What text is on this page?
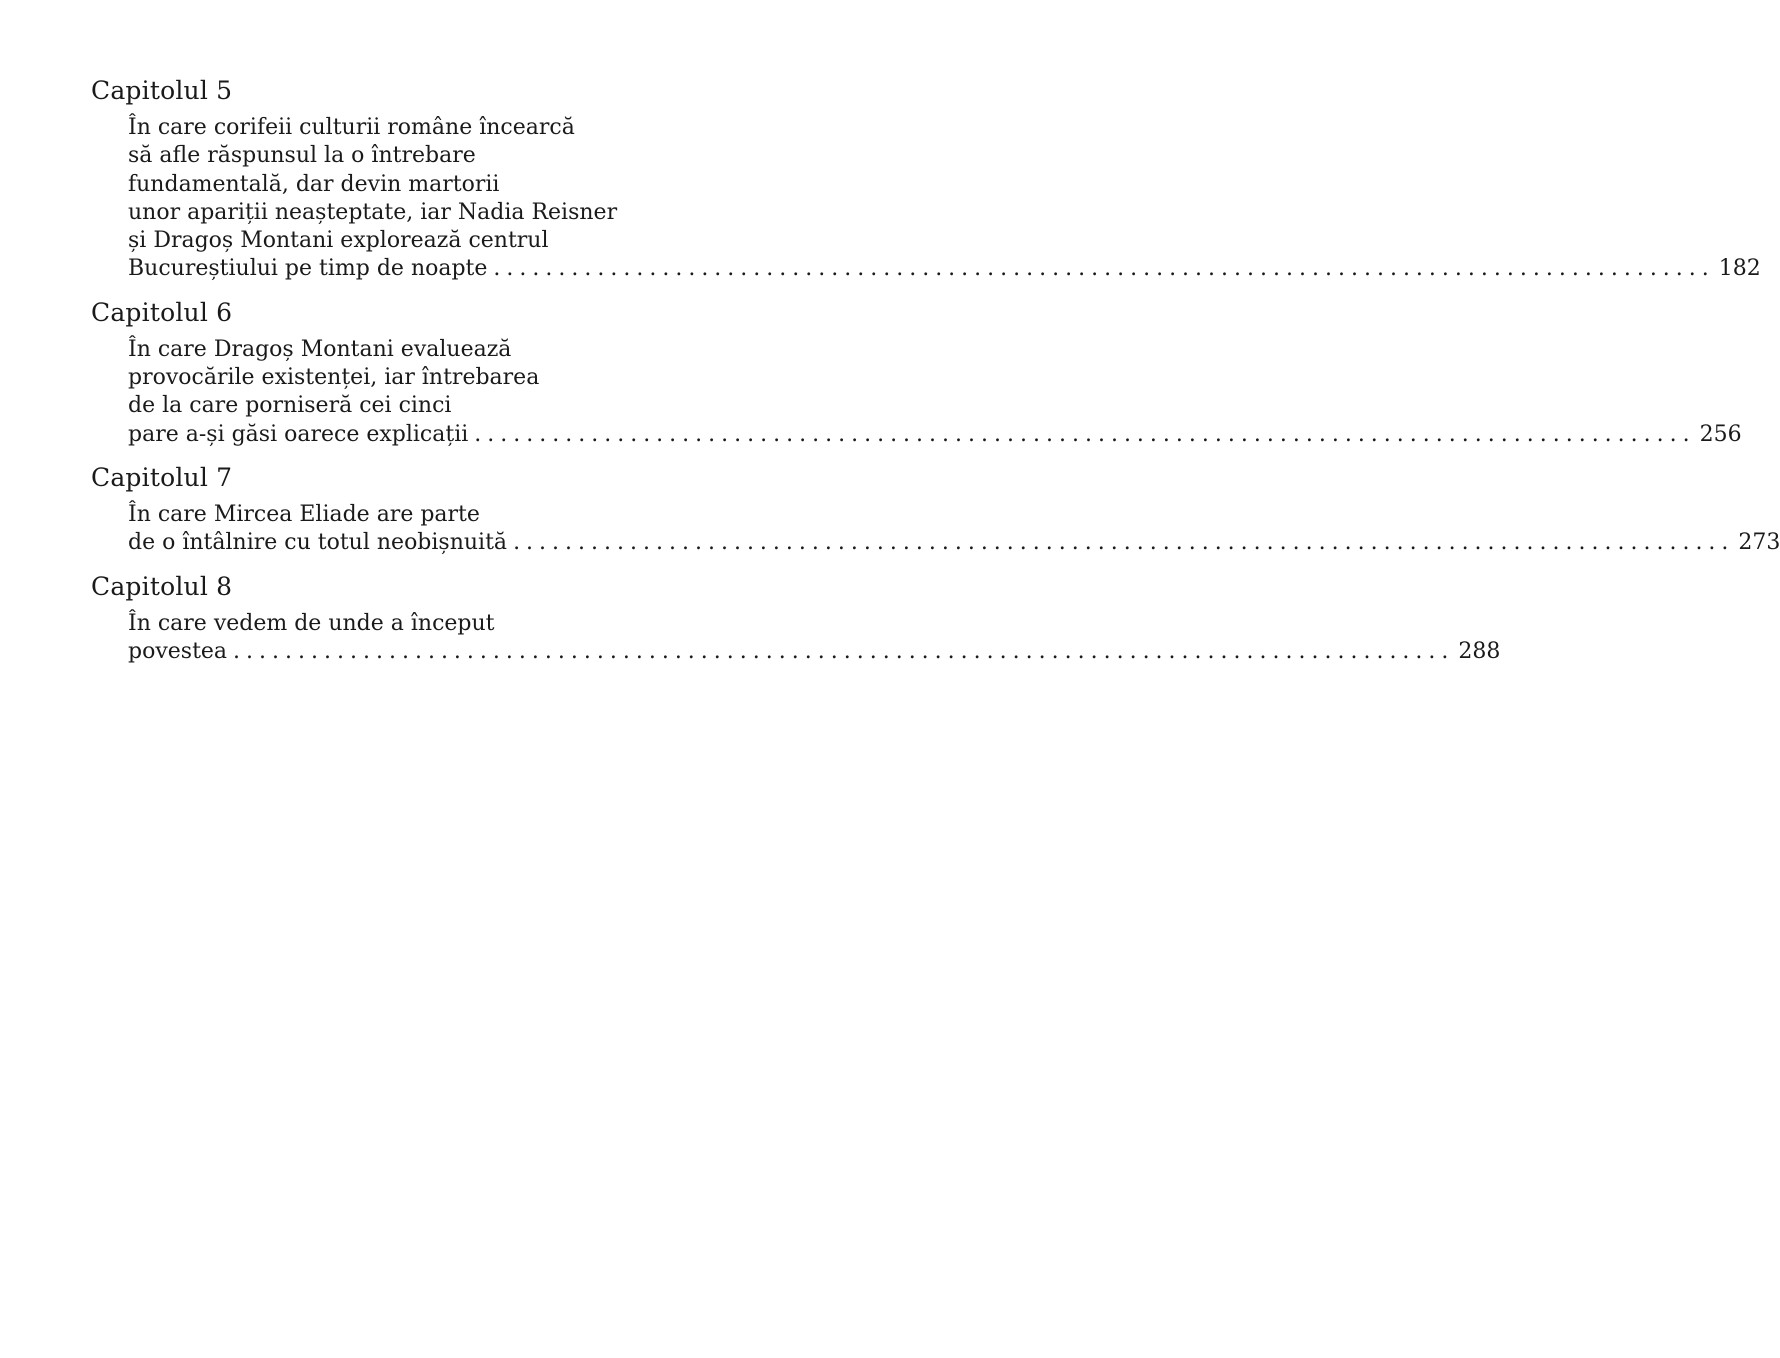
Capitolul 5
În care corifeii culturii române încearcă
să afle răspunsul la o întrebare
fundamentală, dar devin martorii
unor apariții neașteptate, iar Nadia Reisner
și Dragoș Montani explorează centrul
Bucureștiului pe timp de noapte .............................................................................................. 182
Capitolul 6
În care Dragoș Montani evaluează
provocările existenței, iar întrebarea
de la care porniseră cei cinci
pare a-și găsi oarece explicații .............................................................................................. 256
Capitolul 7
În care Mircea Eliade are parte
de o întâlnire cu totul neobișnuită .............................................................................................. 273
Capitolul 8
În care vedem de unde a început
povestea .............................................................................................. 288
